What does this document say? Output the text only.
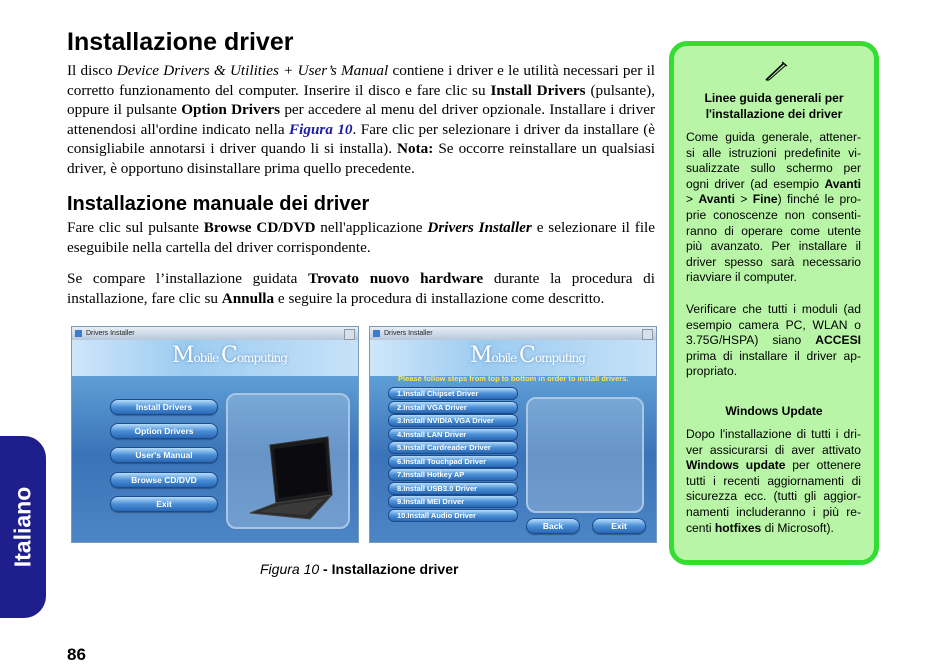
Installazione driver

Il disco Device Drivers & Utilities + User’s Manual contiene i driver e le utilità necessari per il corretto funzionamento del computer. Inserire il disco e fare clic su Install Drivers (pulsante), oppure il pulsante Option Drivers per accedere al menu del driver opzionale. Installare i driver attenendosi all'ordine indicato nella Figura 10. Fare clic per selezionare i driver da installare (è consigliabile annotarsi i driver quando li si installa). Nota: Se occorre reinstallare un qualsiasi driver, è opportuno disinstallare prima quello precedente.

Installazione manuale dei driver

Fare clic sul pulsante Browse CD/DVD nell'applicazione Drivers Installer e selezionare il file eseguibile nella cartella del driver corrispondente.

Se compare l’installazione guidata Trovato nuovo hardware durante la procedura di installazione, fare clic su Annulla e seguire la procedura di installazione come descritto.

Drivers Installer
Mobile Computing
Install Drivers
Option Drivers
User's Manual
Browse CD/DVD
Exit
Drivers Installer
Mobile Computing
Please follow steps from top to bottom in order to install drivers.
1.Install Chipset Driver
2.Install VGA Driver
3.Install NVIDIA VGA Driver
4.Install LAN Driver
5.Install Cardreader Driver
6.Install Touchpad Driver
7.Install Hotkey AP
8.Install USB3.0 Driver
9.Install MEI Driver
10.Install Audio Driver
Back	Exit
Figura 10 - Installazione driver
Linee guida generali per l'installazione dei driver
Come guida generale, attener- si alle istruzioni predefinite vi- sualizzate sullo schermo per ogni driver (ad esempio Avanti > Avanti > Fine) finché le pro- prie conoscenze non consenti- ranno di operare come utente più avanzato. Per installare il driver spesso sarà necessario riavviare il computer.
Verificare che tutti i moduli (ad esempio camera PC, WLAN o 3.75G/HSPA) siano ACCESI prima di installare il driver ap- propriato.
Windows Update
Dopo l'installazione di tutti i dri- ver assicurarsi di aver attivato Windows update per ottenere tutti i recenti aggiornamenti di sicurezza ecc. (tutti gli aggior- namenti includeranno i più re- centi hotfixes di Microsoft).
Italiano
86
